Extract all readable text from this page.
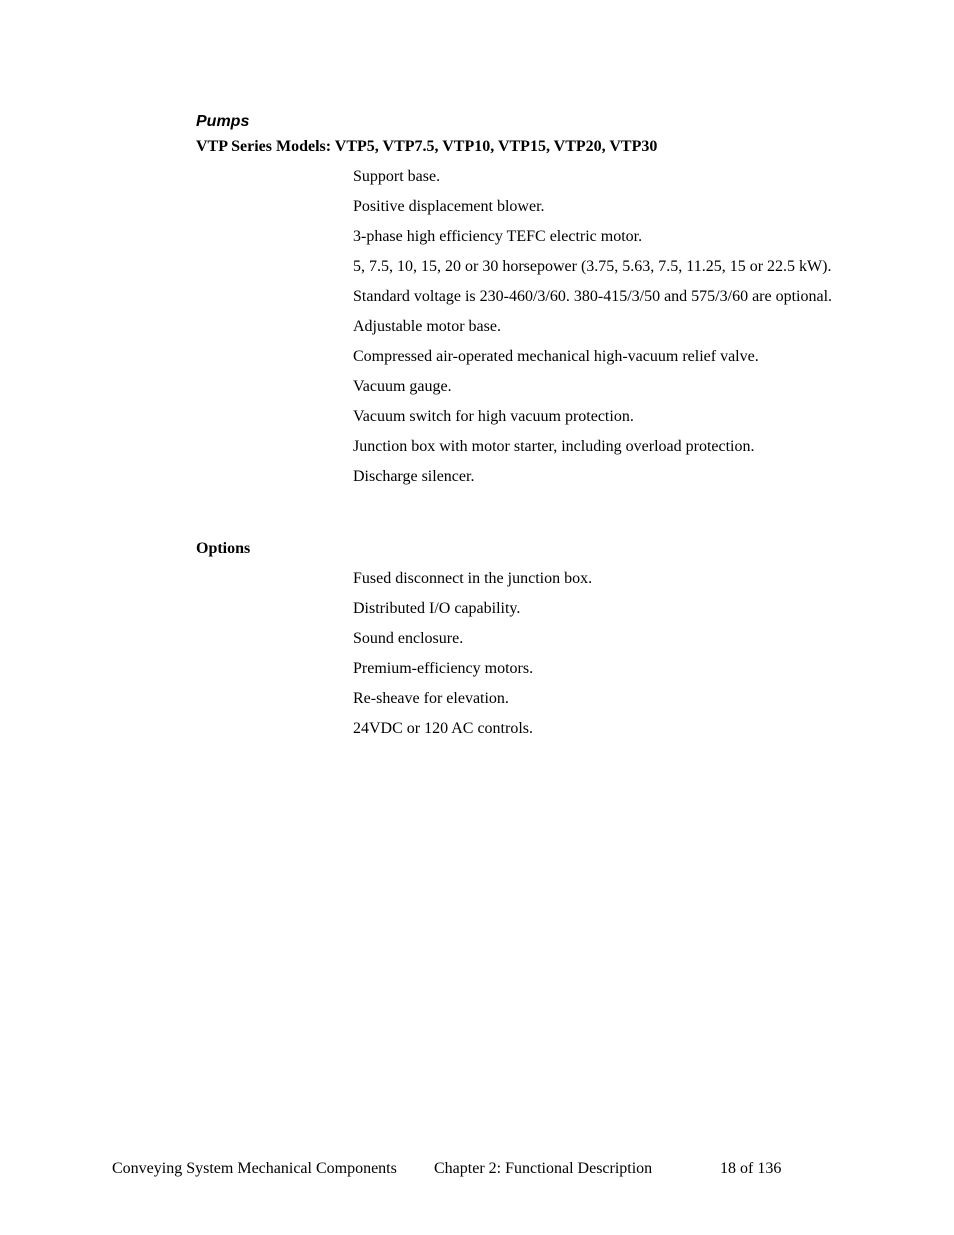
Pumps
VTP Series Models: VTP5, VTP7.5, VTP10, VTP15, VTP20, VTP30
Support base.
Positive displacement blower.
3-phase high efficiency TEFC electric motor.
5, 7.5, 10, 15, 20 or 30 horsepower (3.75, 5.63, 7.5, 11.25, 15 or 22.5 kW).
Standard voltage is 230-460/3/60. 380-415/3/50 and 575/3/60 are optional.
Adjustable motor base.
Compressed air-operated mechanical high-vacuum relief valve.
Vacuum gauge.
Vacuum switch for high vacuum protection.
Junction box with motor starter, including overload protection.
Discharge silencer.
Options
Fused disconnect in the junction box.
Distributed I/O capability.
Sound enclosure.
Premium-efficiency motors.
Re-sheave for elevation.
24VDC or 120 AC controls.

Conveying System Mechanical Components Chapter 2: Functional Description	18 of 136
